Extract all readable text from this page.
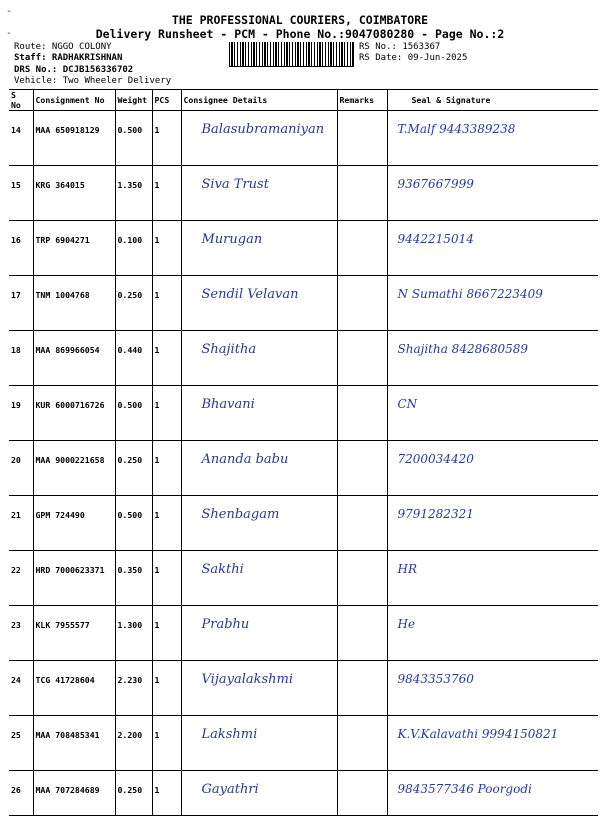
-
-
THE PROFESSIONAL COURIERS, COIMBATORE
Delivery Runsheet - PCM - Phone No.:9047080280 - Page No.:2
Route: NGGO COLONY
Staff: RADHAKRISHNAN
DRS No.: DCJB156336702
Vehicle: Two Wheeler Delivery
RS No.: 1563367
RS Date: 09-Jun-2025
S No	Consignment No	Weight	PCS	Consignee Details	Remarks	Seal & Signature
14	MAA 650918129	0.500	1	Balasubramaniyan		T.Malf 9443389238
15	KRG 364015	1.350	1	Siva Trust		9367667999
16	TRP 6904271	0.100	1	Murugan		9442215014
17	TNM 1004768	0.250	1	Sendil Velavan		N Sumathi 8667223409
18	MAA 869966054	0.440	1	Shajitha		Shajitha 8428680589
19	KUR 6000716726	0.500	1	Bhavani		CN
20	MAA 9000221658	0.250	1	Ananda babu		7200034420
21	GPM 724490	0.500	1	Shenbagam		9791282321
22	HRD 7000623371	0.350	1	Sakthi		HR
23	KLK 7955577	1.300	1	Prabhu		He
24	TCG 41728604	2.230	1	Vijayalakshmi		9843353760
25	MAA 708485341	2.200	1	Lakshmi		K.V.Kalavathi 9994150821
26	MAA 707284689	0.250	1	Gayathri		9843577346 Poorgodi
